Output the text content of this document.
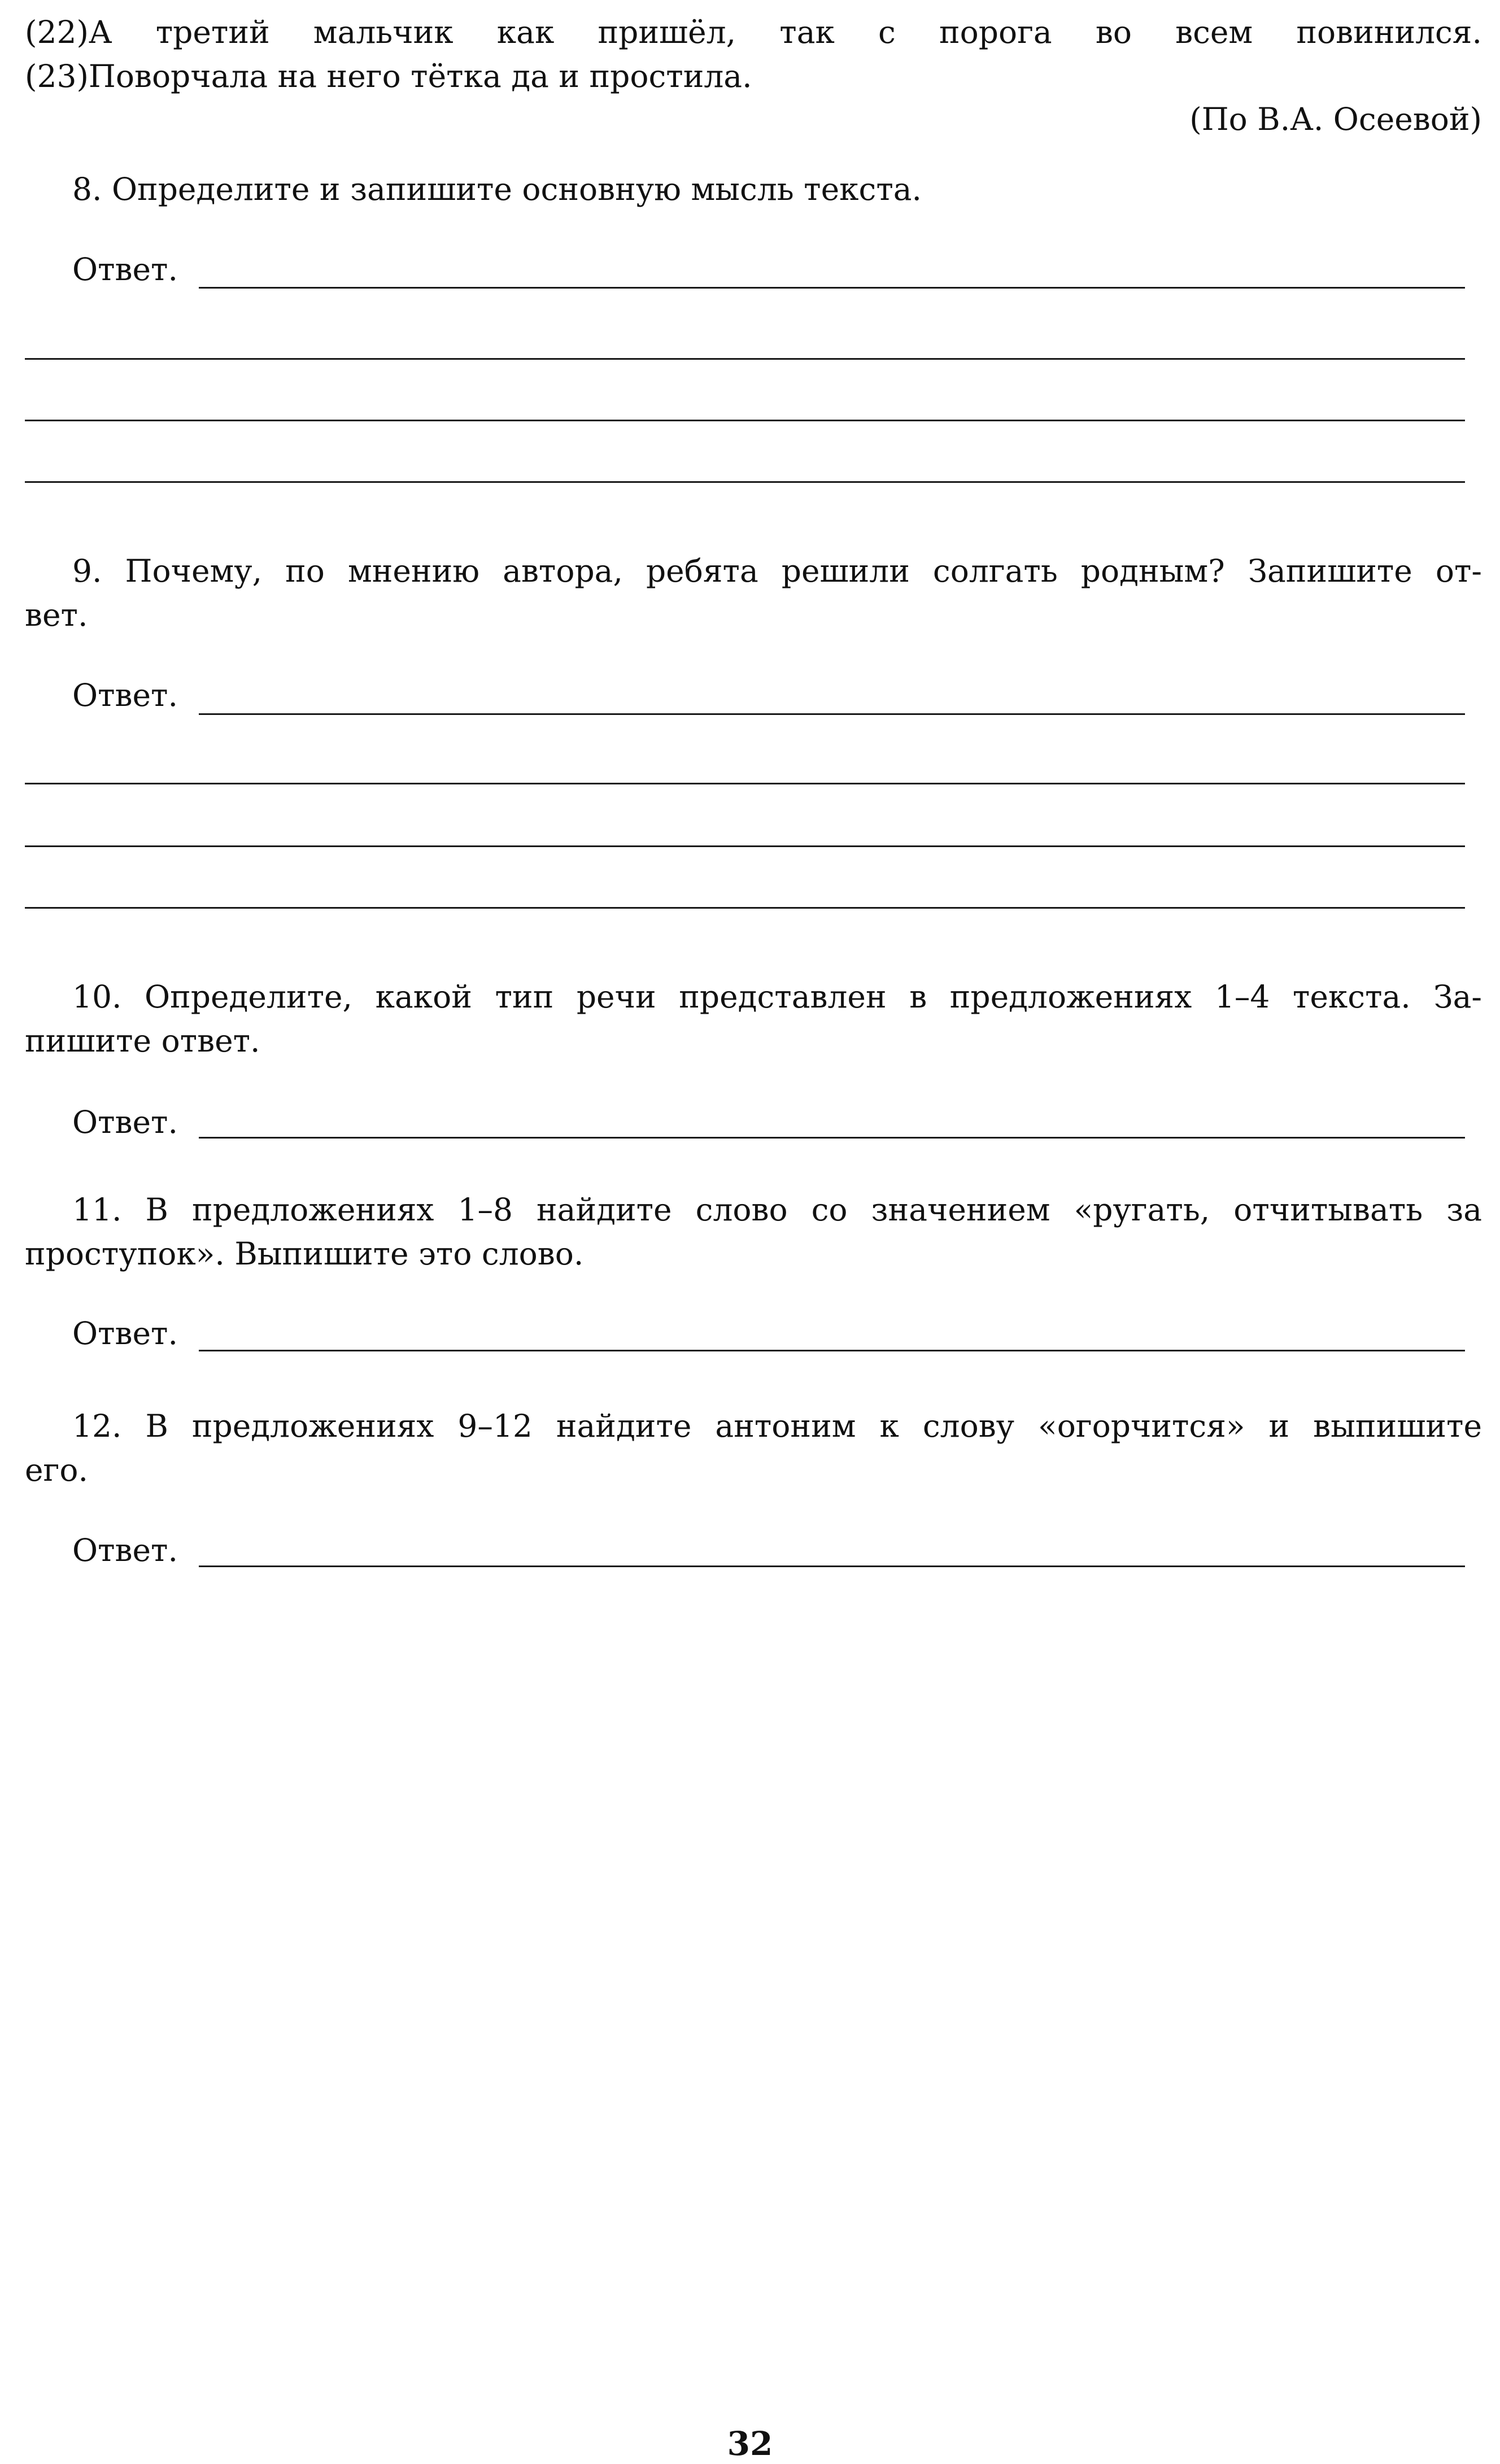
(22)А третий мальчик как пришёл, так с порога во всем повинился.
(23)Поворчала на него тётка да и простила.
(По В.А. Осеевой)
8. Определите и запишите основную мысль текста.
Ответ.
9. Почему, по мнению автора, ребята решили солгать родным? Запишите от-
вет.
Ответ.
10. Определите, какой тип речи представлен в предложениях 1–4 текста. За-
пишите ответ.
Ответ.
11. В предложениях 1–8 найдите слово со значением «ругать, отчитывать за
проступок». Выпишите это слово.
Ответ.
12. В предложениях 9–12 найдите антоним к слову «огорчится» и выпишите
его.
Ответ.
32
